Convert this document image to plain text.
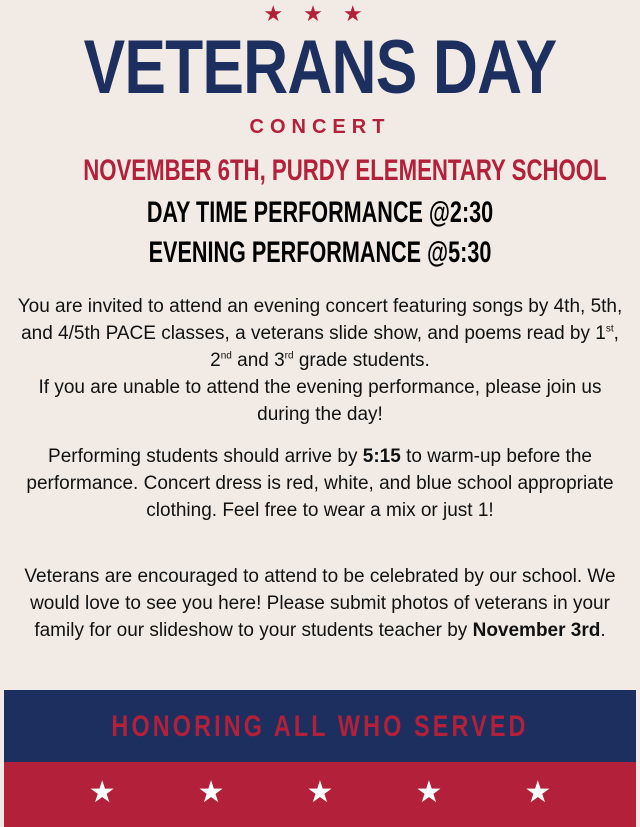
★ ★ ★
VETERANS DAY
CONCERT
NOVEMBER 6TH, PURDY ELEMENTARY SCHOOL
DAY TIME PERFORMANCE @2:30
EVENING PERFORMANCE @5:30
You are invited to attend an evening concert featuring songs by 4th, 5th, and 4/5th PACE classes, a veterans slide show, and poems read by 1st, 2nd and 3rd grade students.
If you are unable to attend the evening performance, please join us during the day!
Performing students should arrive by 5:15 to warm-up before the performance. Concert dress is red, white, and blue school appropriate clothing. Feel free to wear a mix or just 1!
Veterans are encouraged to attend to be celebrated by our school. We would love to see you here! Please submit photos of veterans in your family for our slideshow to your students teacher by November 3rd.
HONORING ALL WHO SERVED
★	★	★	★	★
